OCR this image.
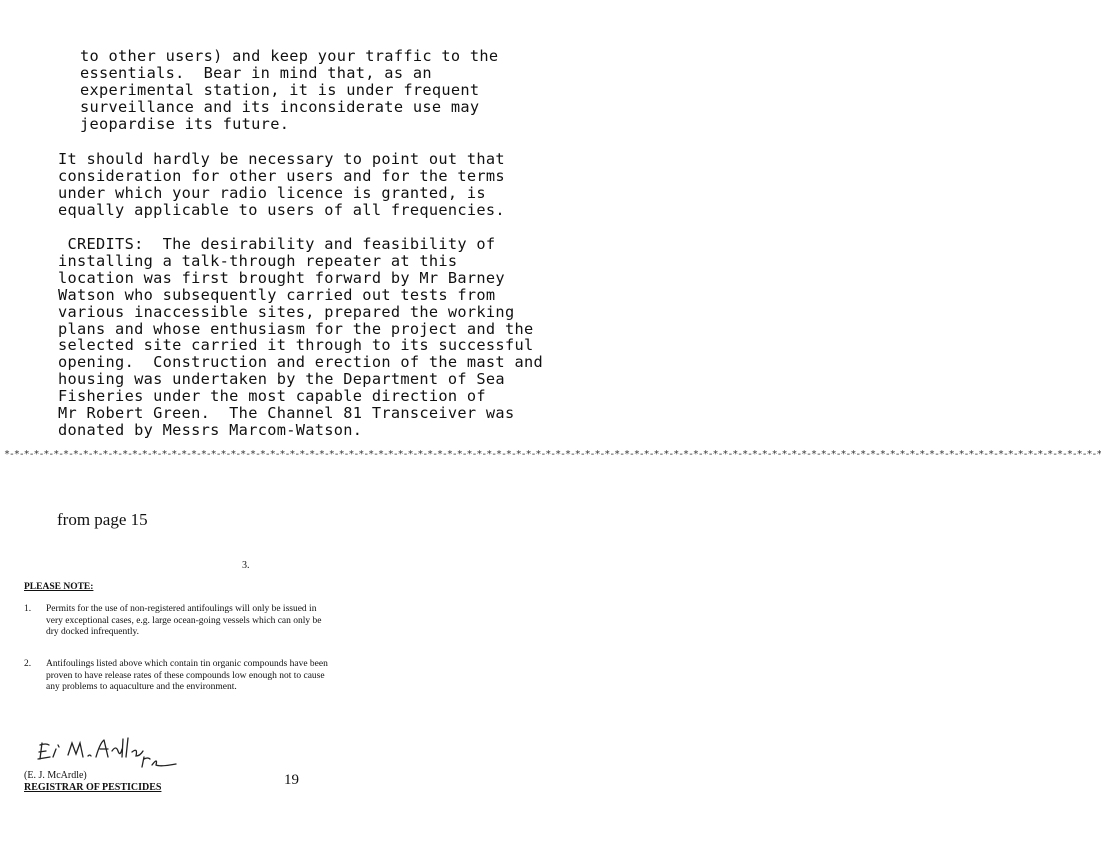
to other users) and keep your traffic to the
essentials.  Bear in mind that, as an
experimental station, it is under frequent
surveillance and its inconsiderate use may
jeopardise its future.
It should hardly be necessary to point out that
consideration for other users and for the terms
under which your radio licence is granted, is
equally applicable to users of all frequencies.
CREDITS:  The desirability and feasibility of
installing a talk-through repeater at this
location was first brought forward by Mr Barney
Watson who subsequently carried out tests from
various inaccessible sites, prepared the working
plans and whose enthusiasm for the project and the
selected site carried it through to its successful
opening.  Construction and erection of the mast and
housing was undertaken by the Department of Sea
Fisheries under the most capable direction of
Mr Robert Green.  The Channel 81 Transceiver was
donated by Messrs Marcom-Watson.
*-*-*-*-*-*-*-*-*-*-*-*-*-*-*-*-*-*-*-*-*-*-*-*-*-*-*-*-*-*-*-*-*-*-*-*-*-*-*-*-*-*-*-*-*-*-*-*-*-*-*-*-*-*-*-*-*-*-*-*-*-*-*-*-*-*-*-*-*-*-*-*-*-*-*-*-*-*-*-*-*-*-*-*-*-*-*-*-*-*-*-*-*-*-*-*-*-*-*-*-*-*-*-*-*-*-*-*-*-*-*-*
from page 15
3.
PLEASE NOTE:
1.	Permits for the use of non-registered antifoulings will only be issued in
very exceptional cases, e.g. large ocean-going vessels which can only be
dry docked infrequently.
2.	Antifoulings listed above which contain tin organic compounds have been
proven to have release rates of these compounds low enough not to cause
any problems to aquaculture and the environment.
(E. J. McArdle)
REGISTRAR OF PESTICIDES	19
